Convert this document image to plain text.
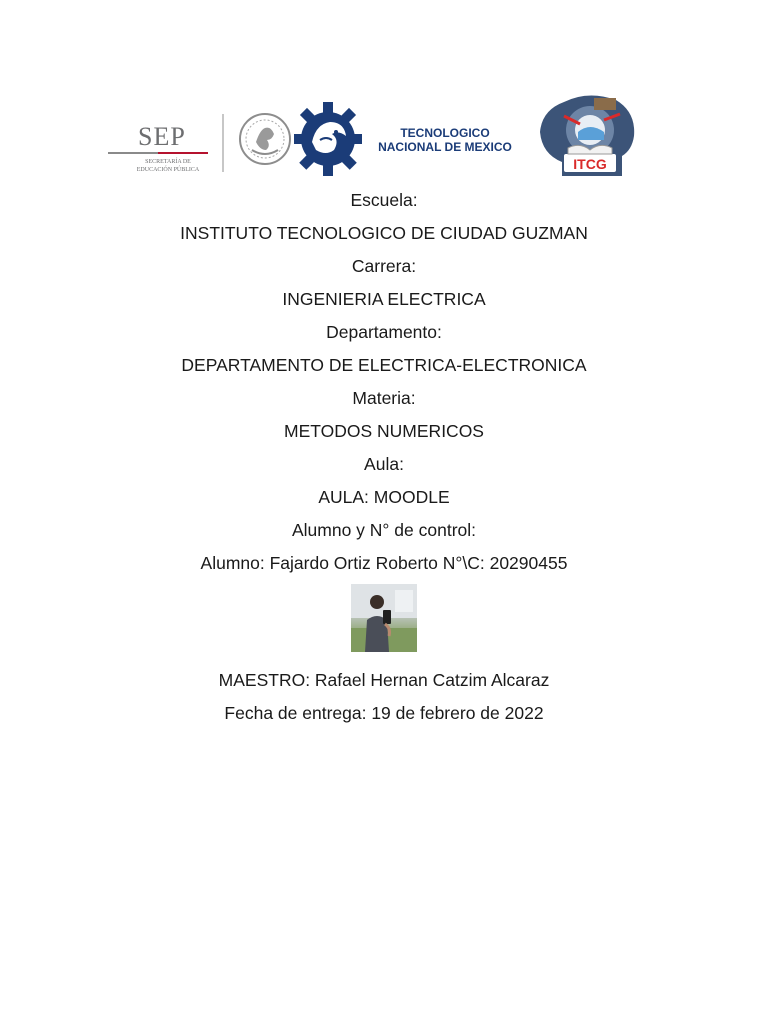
SEP
SECRETARÍA DE EDUCACIÓN PÚBLICA
TECNOLOGICO
NACIONAL DE MEXICO
ITCG
Escuela:
INSTITUTO TECNOLOGICO DE CIUDAD GUZMAN
Carrera:
INGENIERIA ELECTRICA
Departamento:
DEPARTAMENTO DE ELECTRICA-ELECTRONICA
Materia:
METODOS NUMERICOS
Aula:
AULA: MOODLE
Alumno y N° de control:
Alumno: Fajardo Ortiz Roberto N°\C: 20290455
MAESTRO: Rafael Hernan Catzim Alcaraz
Fecha de entrega: 19 de febrero de 2022
